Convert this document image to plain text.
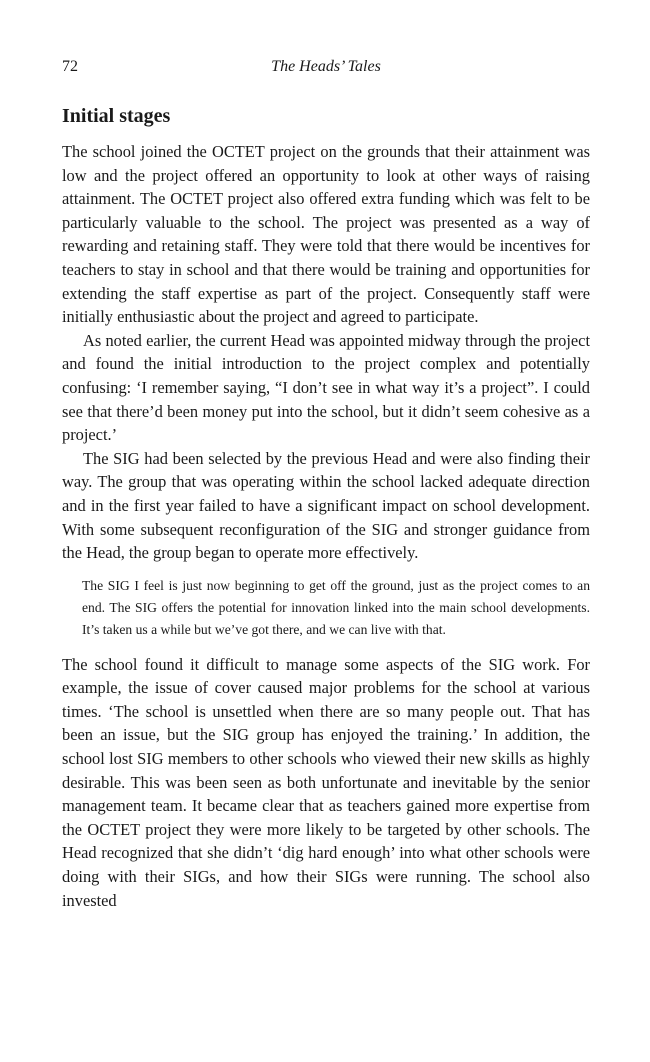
72	The Heads’ Tales
Initial stages

The school joined the OCTET project on the grounds that their attainment was low and the project offered an opportunity to look at other ways of raising attainment. The OCTET project also offered extra funding which was felt to be particularly valuable to the school. The project was presented as a way of rewarding and retaining staff. They were told that there would be incentives for teachers to stay in school and that there would be training and opportunities for extending the staff expertise as part of the project. Consequently staff were initially enthusiastic about the project and agreed to participate.

As noted earlier, the current Head was appointed midway through the project and found the initial introduction to the project complex and potentially confusing: ‘I remember saying, “I don’t see in what way it’s a project”. I could see that there’d been money put into the school, but it didn’t seem cohesive as a project.’

The SIG had been selected by the previous Head and were also finding their way. The group that was operating within the school lacked adequate direction and in the first year failed to have a significant impact on school development. With some subsequent reconfiguration of the SIG and stronger guidance from the Head, the group began to operate more effectively.

The SIG I feel is just now beginning to get off the ground, just as the project comes to an end. The SIG offers the potential for innovation linked into the main school developments. It’s taken us a while but we’ve got there, and we can live with that.

The school found it difficult to manage some aspects of the SIG work. For example, the issue of cover caused major problems for the school at various times. ‘The school is unsettled when there are so many people out. That has been an issue, but the SIG group has enjoyed the training.’ In addition, the school lost SIG members to other schools who viewed their new skills as highly desirable. This was been seen as both unfortunate and inevitable by the senior management team. It became clear that as teachers gained more expertise from the OCTET project they were more likely to be targeted by other schools. The Head recognized that she didn’t ‘dig hard enough’ into what other schools were doing with their SIGs, and how their SIGs were running. The school also invested
